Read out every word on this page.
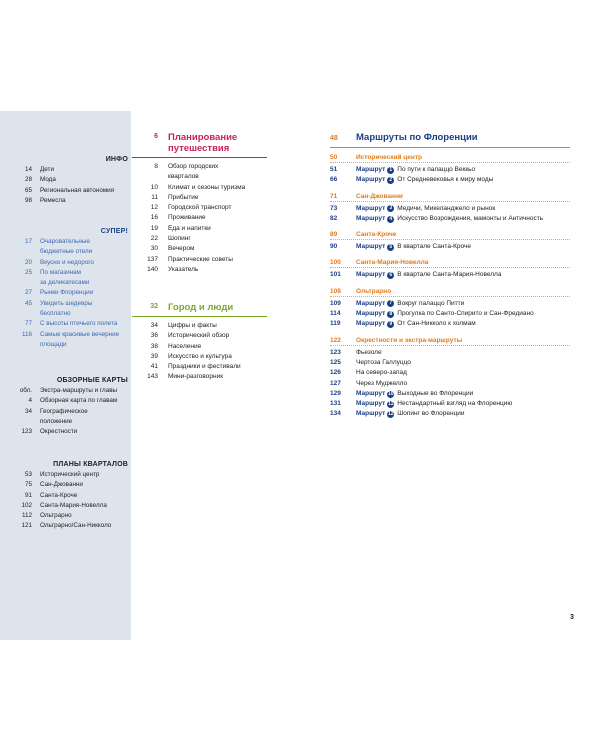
ИНФО
14	Дети
28	Мода
65	Региональная автономия
98	Ремесла
СУПЕР!
17	Очаровательные
бюджетные отели
20	Вкусно и недорого
25	По магазинам
за деликатесами
27	Рынки Флоренции
45	Увидеть шедевры
бесплатно
77	С высоты птичьего полета
116	Самые красивые вечерние
площади
ОБЗОРНЫЕ КАРТЫ
обл.	Экстра-маршруты и главы
4	Обзорная карта по главам
34	Географическое
положение
123	Окрестности
ПЛАНЫ КВАРТАЛОВ
53	Исторический центр
75	Сан-Джованни
91	Санта-Кроче
102	Санта-Мария-Новелла
112	Ольтрарно
121	Ольтрарно/Сан-Никколо
6	Планирование
путешествия
8	Обзор городских
кварталов
10	Климат и сезоны туризма
11	Прибытие
12	Городской транспорт
16	Проживание
19	Еда и напитки
22	Шопинг
30	Вечером
137	Практические советы
140	Указатель
32	Город и люди
34	Цифры и факты
36	Исторический обзор
38	Население
39	Искусство и культура
41	Праздники и фестивали
143	Мини-разговорник
48	Маршруты по Флоренции
50	Исторический центр
51	Маршрут 1 По пути к палаццо Веккьо
66	Маршрут 2 От Средневековья к миру моды
71	Сан-Джованни
73	Маршрут 3 Медичи, Микеланджело и рынок
82	Маршрут 4 Искусство Возрождения, мамонты и Античность
89	Санта-Кроче
90	Маршрут 5 В квартале Санта-Кроче
100	Санта-Мария-Новелла
101	Маршрут 6 В квартале Санта-Мария-Новелла
108	Ольтрарно
109	Маршрут 7 Вокруг палаццо Питти
114	Маршрут 8 Прогулка по Санто-Спирито и Сан-Фредиано
119	Маршрут 9 От Сан-Никколо к холмам
122	Окрестности и экстра-маршруты
123	Фьезоле
125	Чертоза Галлуццо
126	На северо-запад
127	Через Муджелло
129	Маршрут 10 Выходные во Флоренции
131	Маршрут 11 Нестандартный взгляд на Флоренцию
134	Маршрут 12 Шопинг во Флоренции
3
